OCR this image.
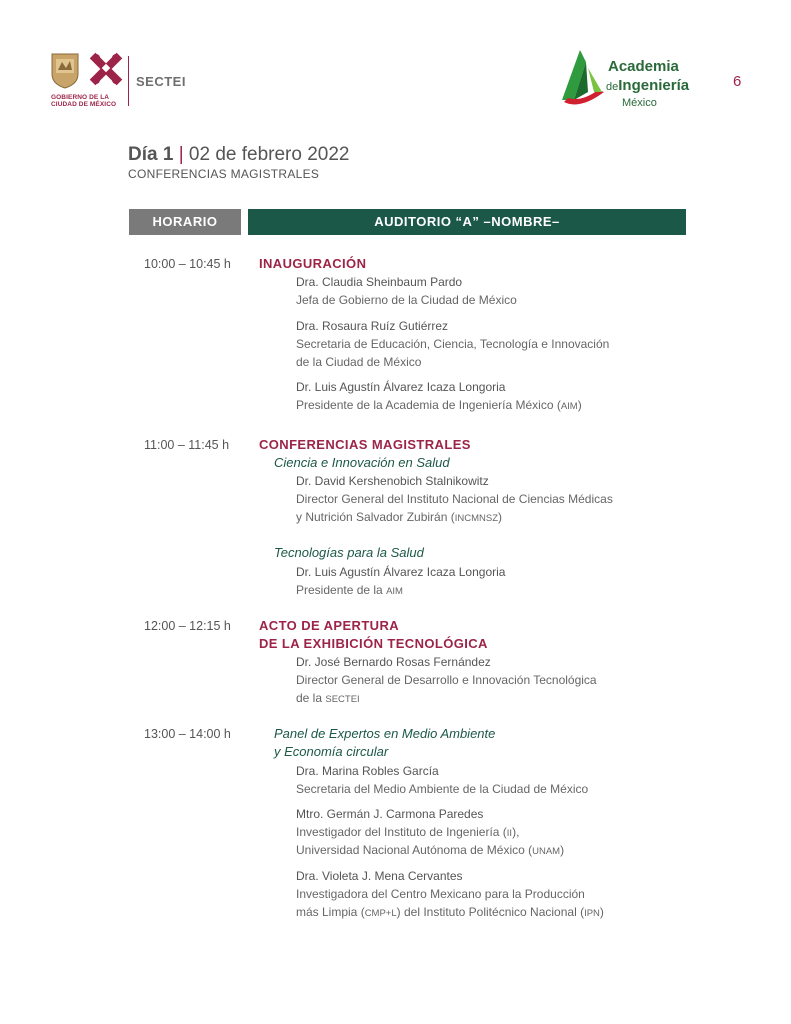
GOBIERNO DE LA
CIUDAD DE MÉXICO
SECTEI
Academia
deIngeniería
México
6
Día 1 | 02 de febrero 2022
CONFERENCIAS MAGISTRALES
HORARIO	AUDITORIO “A” –NOMBRE–
10:00 – 10:45 h INAUGURACIÓN
Dra. Claudia Sheinbaum Pardo
Jefa de Gobierno de la Ciudad de México
Dra. Rosaura Ruíz Gutiérrez
Secretaria de Educación, Ciencia, Tecnología e Innovación
de la Ciudad de México
Dr. Luis Agustín Álvarez Icaza Longoria
Presidente de la Academia de Ingeniería México (AIM)
11:00 – 11:45 h CONFERENCIAS MAGISTRALES
Ciencia e Innovación en Salud
Dr. David Kershenobich Stalnikowitz
Director General del Instituto Nacional de Ciencias Médicas
y Nutrición Salvador Zubirán (INCMNSZ)
Tecnologías para la Salud
Dr. Luis Agustín Álvarez Icaza Longoria
Presidente de la AIM
12:00 – 12:15 h ACTO DE APERTURA
DE LA EXHIBICIÓN TECNOLÓGICA
Dr. José Bernardo Rosas Fernández
Director General de Desarrollo e Innovación Tecnológica
de la SECTEI
13:00 – 14:00 h	Panel de Expertos en Medio Ambiente
y Economía circular
Dra. Marina Robles García
Secretaria del Medio Ambiente de la Ciudad de México
Mtro. Germán J. Carmona Paredes
Investigador del Instituto de Ingeniería (II),
Universidad Nacional Autónoma de México (UNAM)
Dra. Violeta J. Mena Cervantes
Investigadora del Centro Mexicano para la Producción
más Limpia (CMP+L) del Instituto Politécnico Nacional (IPN)
